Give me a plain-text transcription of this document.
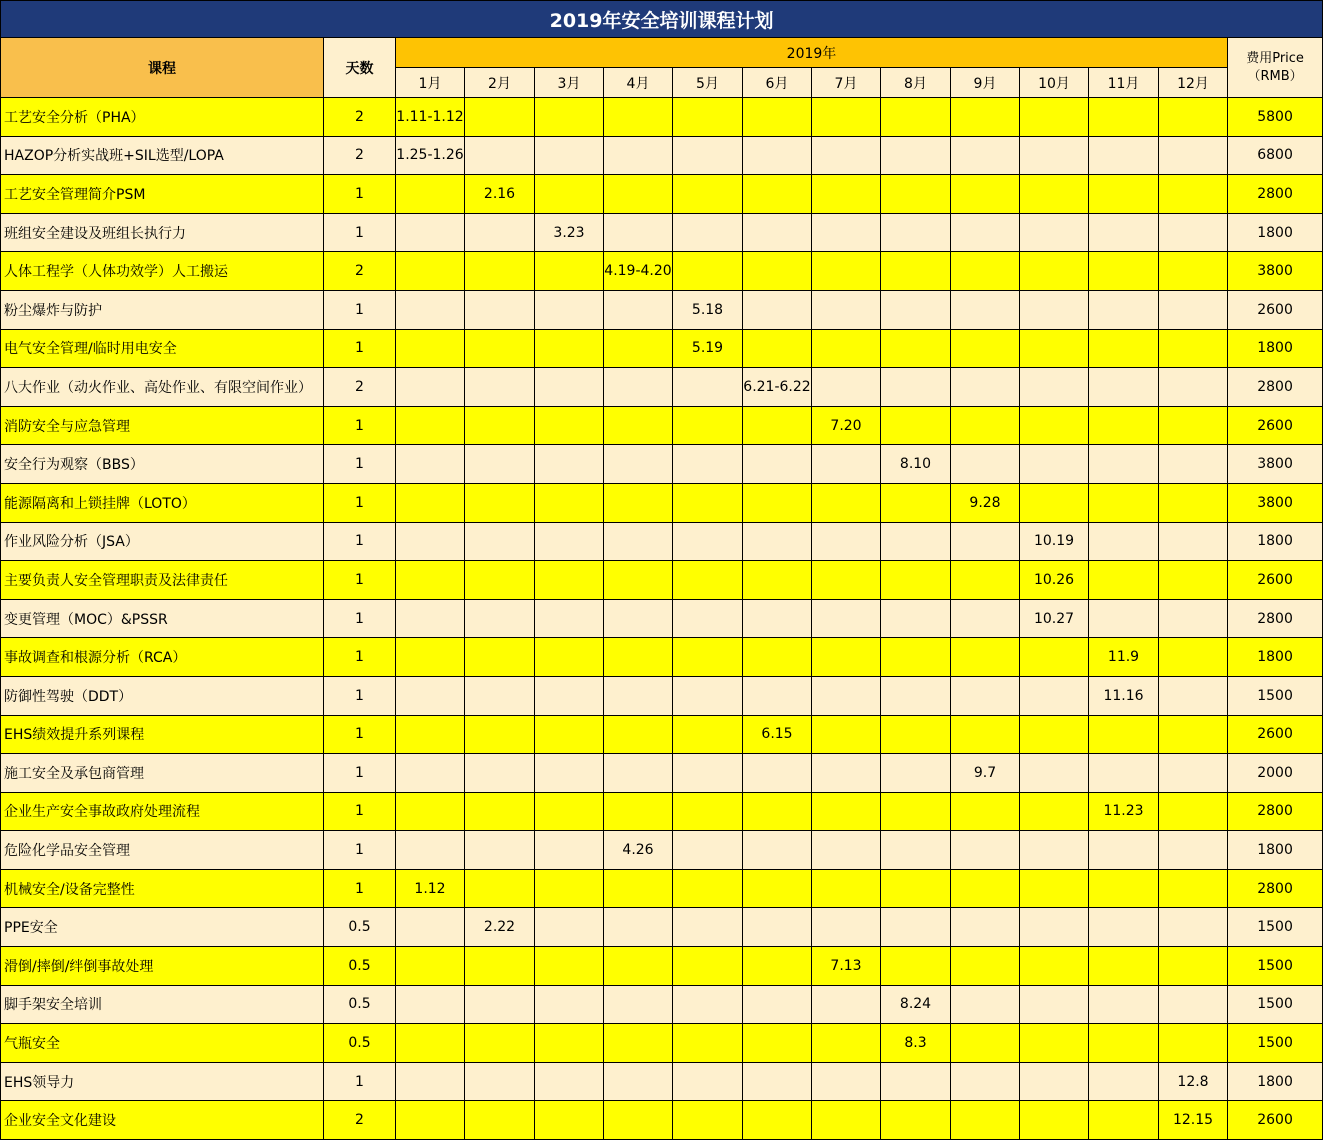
2019年安全培训课程计划														
课程	天数	2019年												费用Price
（RMB）
		1月	2月	3月	4月	5月	6月	7月	8月	9月	10月	11月	12月	
工艺安全分析（PHA）	2	1.11-1.12												5800
HAZOP分析实战班+SIL选型/LOPA	2	1.25-1.26												6800
工艺安全管理简介PSM	1		2.16											2800
班组安全建设及班组长执行力	1			3.23										1800
人体工程学（人体功效学）人工搬运	2				4.19-4.20									3800
粉尘爆炸与防护	1					5.18								2600
电气安全管理/临时用电安全	1					5.19								1800
八大作业（动火作业、高处作业、有限空间作业）	2						6.21-6.22							2800
消防安全与应急管理	1							7.20						2600
安全行为观察（BBS）	1								8.10					3800
能源隔离和上锁挂牌（LOTO）	1									9.28				3800
作业风险分析（JSA）	1										10.19			1800
主要负责人安全管理职责及法律责任	1										10.26			2600
变更管理（MOC）&PSSR	1										10.27			2800
事故调查和根源分析（RCA）	1											11.9		1800
防御性驾驶（DDT）	1											11.16		1500
EHS绩效提升系列课程	1						6.15							2600
施工安全及承包商管理	1									9.7				2000
企业生产安全事故政府处理流程	1											11.23		2800
危险化学品安全管理	1				4.26									1800
机械安全/设备完整性	1	1.12												2800
PPE安全	0.5		2.22											1500
滑倒/摔倒/绊倒事故处理	0.5							7.13						1500
脚手架安全培训	0.5								8.24					1500
气瓶安全	0.5								8.3					1500
EHS领导力	1												12.8	1800
企业安全文化建设	2												12.15	2600
